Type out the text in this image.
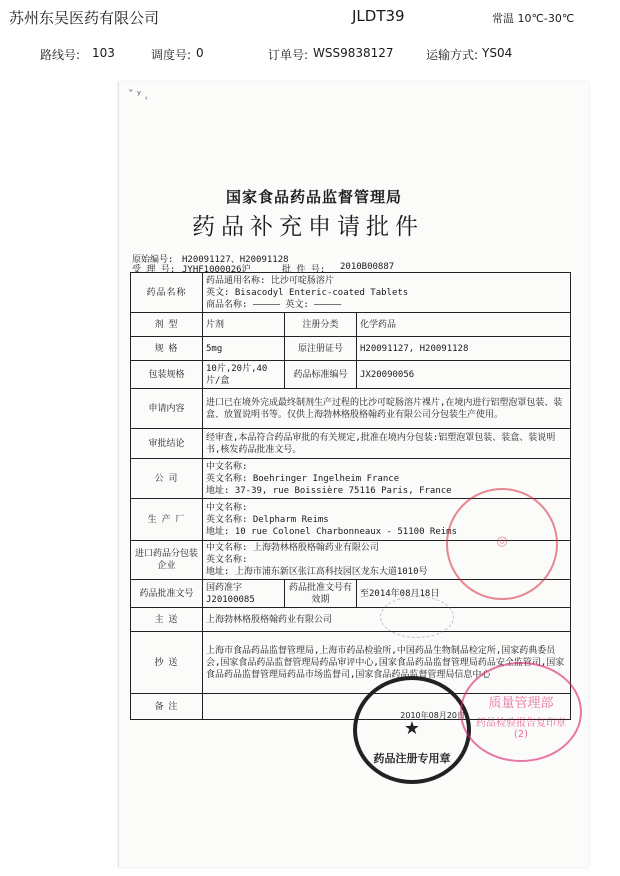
苏州东吴医药有限公司	JLDT39	常温 10℃-30℃
路线号: 103	调度号: 0	订单号: WSS9838127	运输方式: YS04
ˇ ʸ ˌ
国家食品药品监督管理局
药品补充申请批件
原始编号: H20091127、H20091128
受 理 号: JYHF1000026沪	批 件 号: 2010B00887
药品名称	药品通用名称: 比沙可啶肠溶片
英文: Bisacodyl Enteric-coated Tablets
商品名称: ————— 英文: —————		

剂 型	片剂	注册分类	化学药品
规 格	5mg	原注册证号	H20091127, H20091128
包装规格	10片,20片,40片/盒	药品标准编号	JX20090056
申请内容	进口已在境外完成最终制剂生产过程的比沙可啶肠溶片裸片,在境内进行铝塑泡罩包装、装盒、放置说明书等。仅供上海勃林格殷格翰药业有限公司分包装生产使用。		
审批结论	经审查,本品符合药品审批的有关规定,批准在境内分包装:铝塑泡罩包装、装盒、装说明书,核发药品批准文号。		
公 司	中文名称:
英文名称: Boehringer Ingelheim France
地址: 37-39, rue Boissière 75116 Paris, France		

生 产 厂	中文名称:
英文名称: Delpharm Reims
地址: 10 rue Colonel Charbonneaux - 51100 Reims		

进口药品分包装企业	中文名称: 上海勃林格殷格翰药业有限公司
英文名称:
地址: 上海市浦东新区张江高科技园区龙东大道1010号		

药品批准文号	国药准字
J20100085	药品批准文号有效期	至2014年08月18日
主 送	上海勃林格殷格翰药业有限公司		
抄 送	上海市食品药品监督管理局,上海市药品检验所,中国药品生物制品检定所,国家药典委员会,国家食品药品监督管理局药品审评中心,国家食品药品监督管理局药品安全监管司,国家食品药品监督管理局药品市场监督司,国家食品药品监督管理局信息中心		
备 注			
◎
★
2010年08月20日
药品注册专用章
质量管理部
药品检验报告复印章
(2)
